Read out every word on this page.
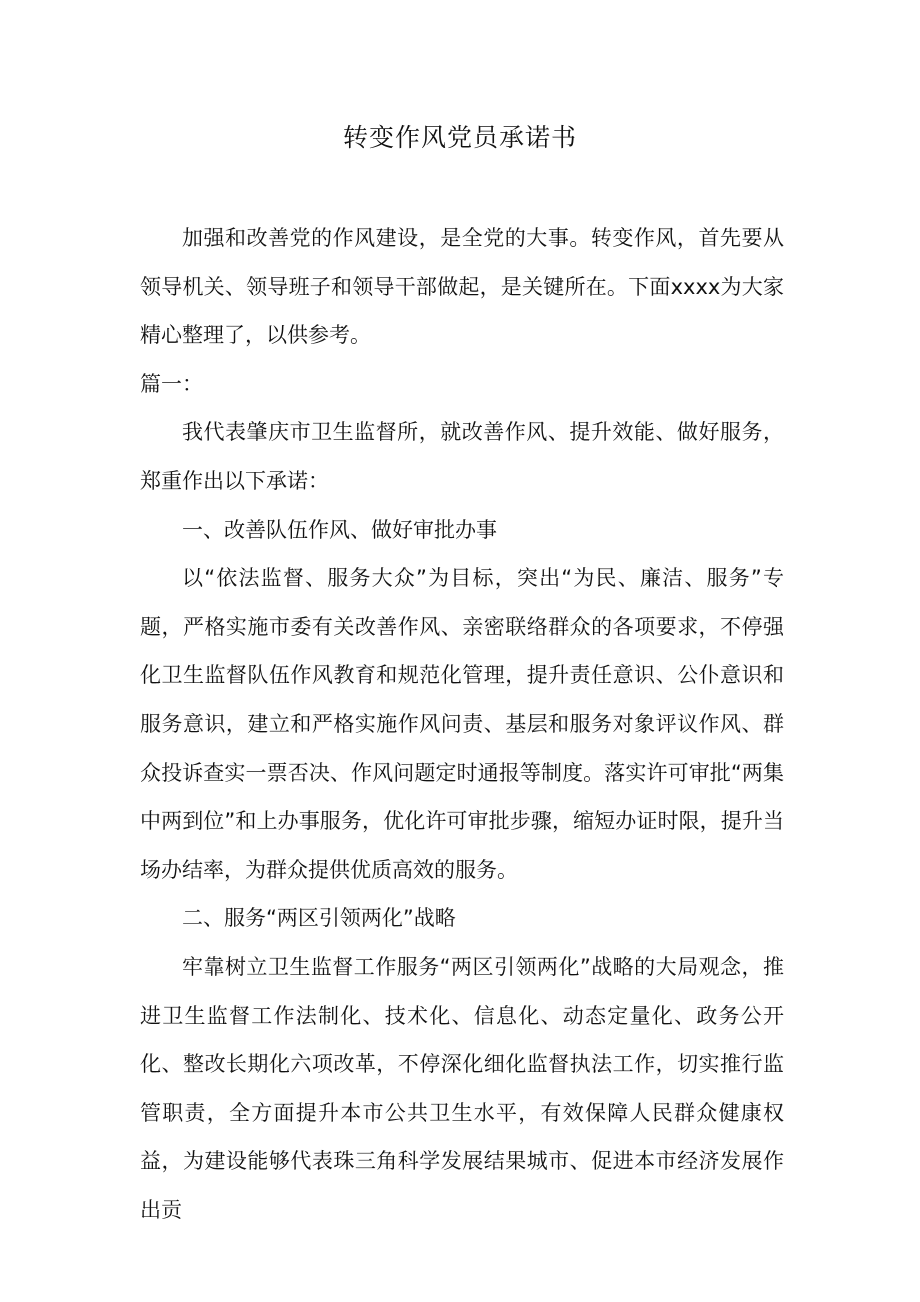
转变作风党员承诺书

加强和改善党的作风建设，是全党的大事。转变作风，首先要从领导机关、领导班子和领导干部做起，是关键所在。下面xxxx为大家精心整理了，以供参考。

篇一：

我代表肇庆市卫生监督所，就改善作风、提升效能、做好服务，郑重作出以下承诺：

一、改善队伍作风、做好审批办事

以“依法监督、服务大众”为目标，突出“为民、廉洁、服务”专题，严格实施市委有关改善作风、亲密联络群众的各项要求，不停强化卫生监督队伍作风教育和规范化管理，提升责任意识、公仆意识和服务意识，建立和严格实施作风问责、基层和服务对象评议作风、群众投诉查实一票否决、作风问题定时通报等制度。落实许可审批“两集中两到位”和上办事服务，优化许可审批步骤，缩短办证时限，提升当场办结率，为群众提供优质高效的服务。

二、服务“两区引领两化”战略

牢靠树立卫生监督工作服务“两区引领两化”战略的大局观念，推进卫生监督工作法制化、技术化、信息化、动态定量化、政务公开化、整改长期化六项改革，不停深化细化监督执法工作，切实推行监管职责，全方面提升本市公共卫生水平，有效保障人民群众健康权益，为建设能够代表珠三角科学发展结果城市、促进本市经济发展作出贡
